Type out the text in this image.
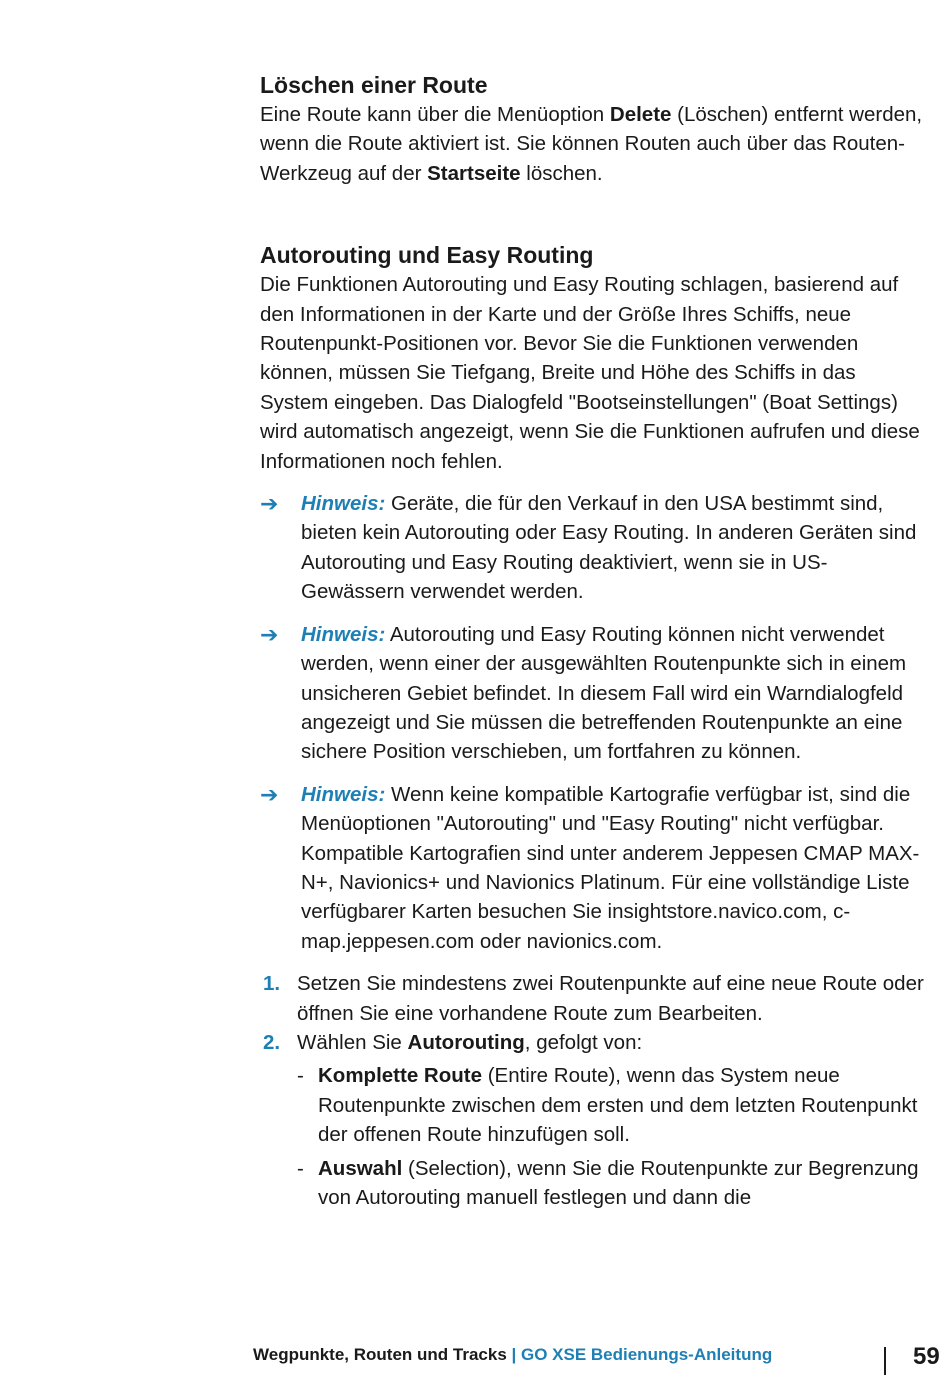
Löschen einer Route

Eine Route kann über die Menüoption Delete (Löschen) entfernt werden, wenn die Route aktiviert ist. Sie können Routen auch über das Routen-Werkzeug auf der Startseite löschen.

Autorouting und Easy Routing

Die Funktionen Autorouting und Easy Routing schlagen, basierend auf den Informationen in der Karte und der Größe Ihres Schiffs, neue Routenpunkt-Positionen vor. Bevor Sie die Funktionen verwenden können, müssen Sie Tiefgang, Breite und Höhe des Schiffs in das System eingeben. Das Dialogfeld "Bootseinstellungen" (Boat Settings) wird automatisch angezeigt, wenn Sie die Funktionen aufrufen und diese Informationen noch fehlen.

➔ Hinweis: Geräte, die für den Verkauf in den USA bestimmt sind, bieten kein Autorouting oder Easy Routing. In anderen Geräten sind Autorouting und Easy Routing deaktiviert, wenn sie in US-Gewässern verwendet werden.
➔ Hinweis: Autorouting und Easy Routing können nicht verwendet werden, wenn einer der ausgewählten Routenpunkte sich in einem unsicheren Gebiet befindet. In diesem Fall wird ein Warndialogfeld angezeigt und Sie müssen die betreffenden Routenpunkte an eine sichere Position verschieben, um fortfahren zu können.
➔ Hinweis: Wenn keine kompatible Kartografie verfügbar ist, sind die Menüoptionen "Autorouting" und "Easy Routing" nicht verfügbar. Kompatible Kartografien sind unter anderem Jeppesen CMAP MAX-N+, Navionics+ und Navionics Platinum. Für eine vollständige Liste verfügbarer Karten besuchen Sie insightstore.navico.com, c-map.jeppesen.com oder navionics.com.
1. Setzen Sie mindestens zwei Routenpunkte auf eine neue Route oder öffnen Sie eine vorhandene Route zum Bearbeiten.
2. Wählen Sie Autorouting, gefolgt von:
- Komplette Route (Entire Route), wenn das System neue Routenpunkte zwischen dem ersten und dem letzten Routenpunkt der offenen Route hinzufügen soll.
- Auswahl (Selection), wenn Sie die Routenpunkte zur Begrenzung von Autorouting manuell festlegen und dann die
Wegpunkte, Routen und Tracks | GO XSE Bedienungs-Anleitung	59
